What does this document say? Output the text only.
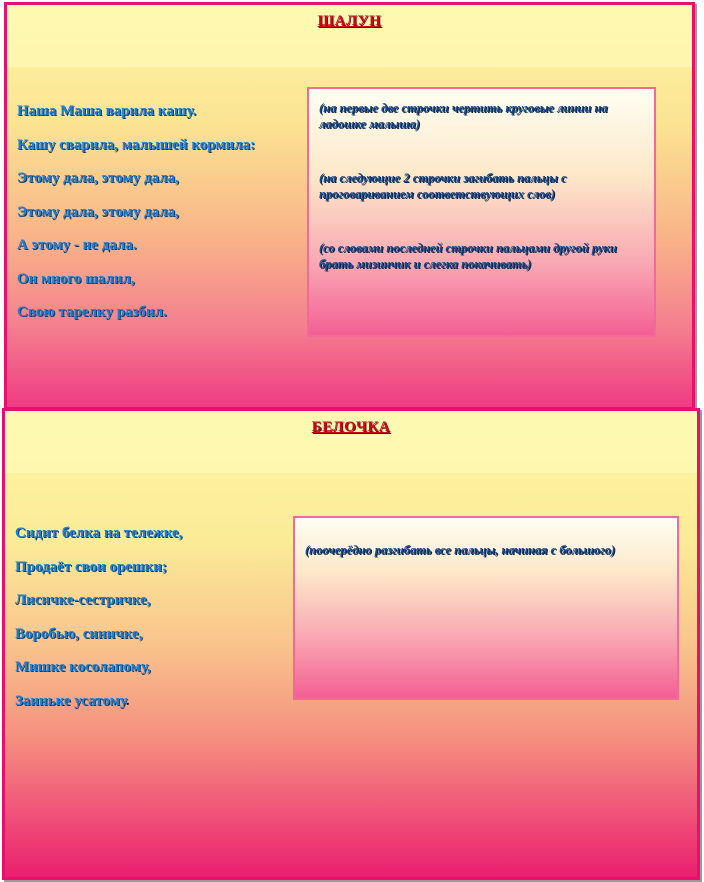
ШАЛУН
Наша Маша варила кашу.
Кашу сварила, малышей кормила:
Этому дала, этому дала,
Этому дала, этому дала,
А этому - не дала.
Он много шалил,
Свою тарелку разбил.
(на первые две строчки чертить круговые линии на ладошке малыша)
(на следующие 2 строчки загибать пальцы с проговариванием соответствующих слов)
(со словами последней строчки пальцами другой руки брать мизинчик и слегка покачивать)
БЕЛОЧКА
Сидит белка на тележке,
Продаёт свои орешки;
Лисичке-сестричке,
Воробью, синичке,
Мишке косолапому,
Заиньке усатому.
(поочерёдно разгибать все пальцы, начиная с большого)
